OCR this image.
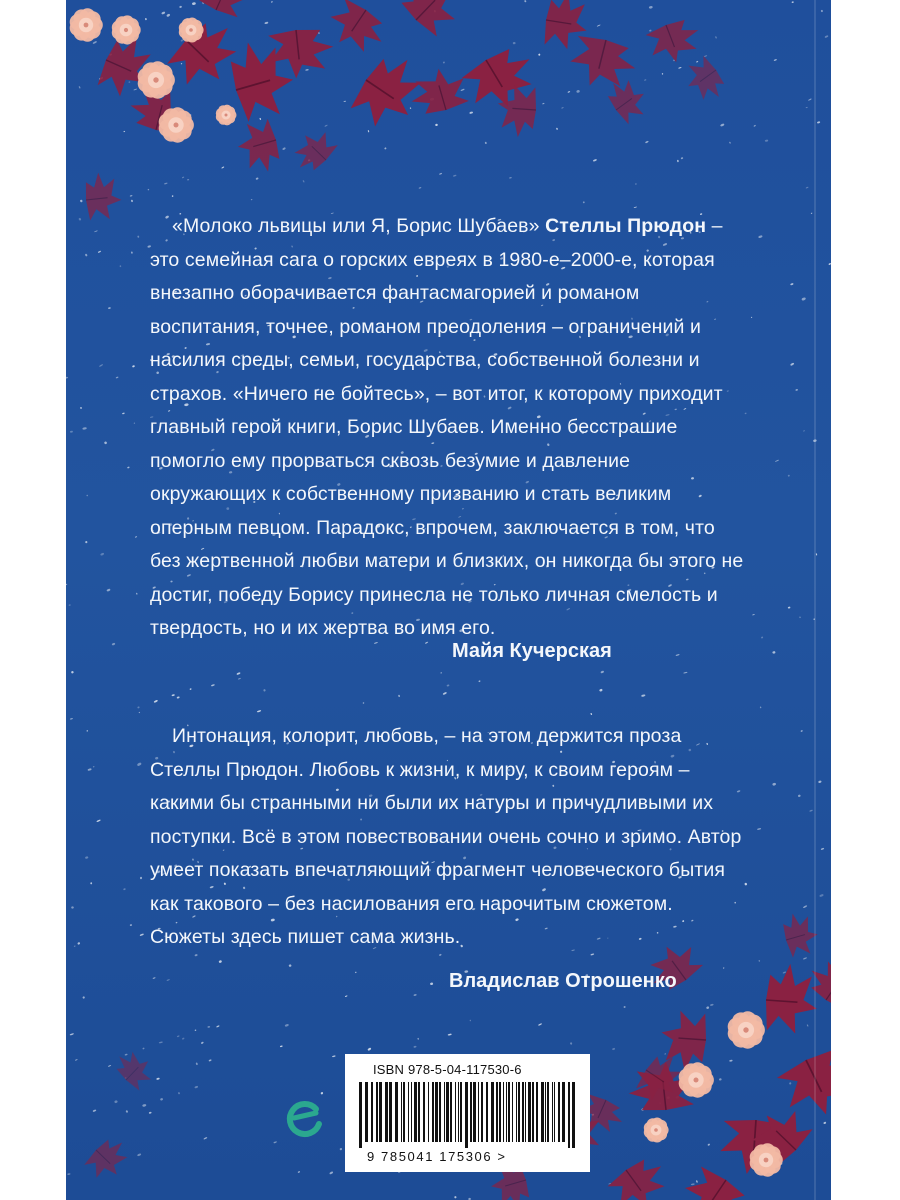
«Молоко львицы или Я, Борис Шубаев» Стеллы Прюдон – это семейная сага о горских евреях в 1980-е–2000-е, которая внезапно оборачивается фантасмагорией и романом воспитания, точнее, романом преодоления – ограничений и насилия среды, семьи, государства, собственной болезни и страхов. «Ничего не бойтесь», – вот итог, к которому приходит главный герой книги, Борис Шубаев. Именно бесстрашие помогло ему прорваться сквозь безумие и давление окружающих к собственному призванию и стать великим оперным певцом. Парадокс, впрочем, заключается в том, что без жертвенной любви матери и близких, он никогда бы этого не достиг, победу Борису принесла не только личная смелость и твердость, но и их жертва во имя его.

Майя Кучерская

Интонация, колорит, любовь, – на этом держится проза Стеллы Прюдон. Любовь к жизни, к миру, к своим героям – какими бы странными ни были их натуры и причудливыми их поступки. Всё в этом повествовании очень сочно и зримо. Автор умеет показать впечатляющий фрагмент человеческого бытия как такового – без насилования его нарочитым сюжетом. Сюжеты здесь пишет сама жизнь.

Владислав Отрошенко
ISBN 978-5-04-117530-6
9 785041 175306 >
